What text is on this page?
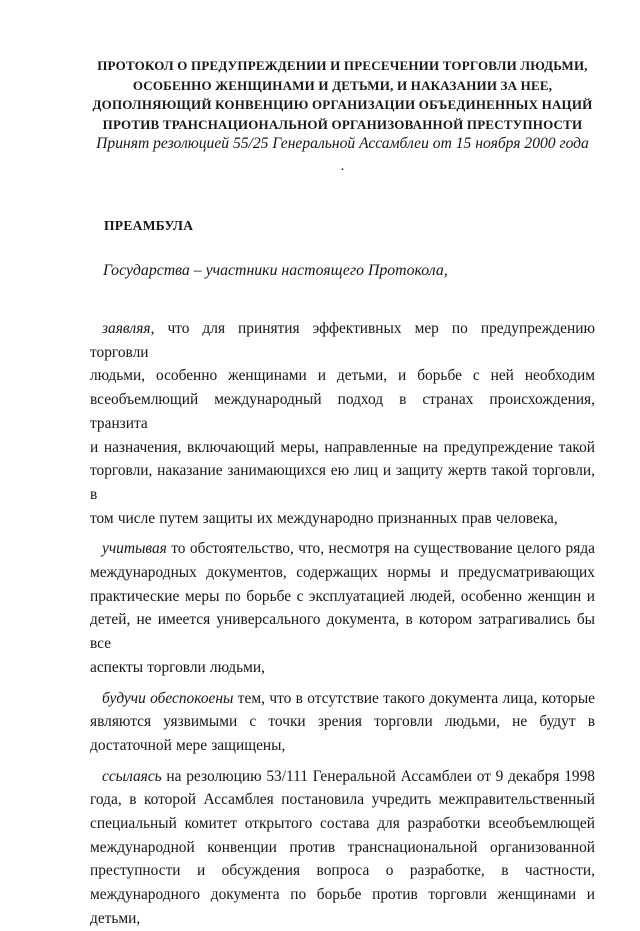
ПРОТОКОЛ О ПРЕДУПРЕЖДЕНИИ И ПРЕСЕЧЕНИИ ТОРГОВЛИ ЛЮДЬМИ,
ОСОБЕННО ЖЕНЩИНАМИ И ДЕТЬМИ, И НАКАЗАНИИ ЗА НЕЕ,
ДОПОЛНЯЮЩИЙ КОНВЕНЦИЮ ОРГАНИЗАЦИИ ОБЪЕДИНЕННЫХ НАЦИЙ
ПРОТИВ ТРАНСНАЦИОНАЛЬНОЙ ОРГАНИЗОВАННОЙ ПРЕСТУПНОСТИ
Принят резолюцией 55/25 Генеральной Ассамблеи от 15 ноября 2000 года
.
ПРЕАМБУЛА

Государства – участники настоящего Протокола,

заявляя, что для принятия эффективных мер по предупреждению торговли
людьми, особенно женщинами и детьми, и борьбе с ней необходим
всеобъемлющий международный подход в странах происхождения, транзита
и назначения, включающий меры, направленные на предупреждение такой
торговли, наказание занимающихся ею лиц и защиту жертв такой торговли, в
том числе путем защиты их международно признанных прав человека,
учитывая то обстоятельство, что, несмотря на существование целого ряда
международных документов, содержащих нормы и предусматривающих
практические меры по борьбе с эксплуатацией людей, особенно женщин и
детей, не имеется универсального документа, в котором затрагивались бы все
аспекты торговли людьми,
будучи обеспокоены тем, что в отсутствие такого документа лица, которые
являются уязвимыми с точки зрения торговли людьми, не будут в
достаточной мере защищены,
ссылаясь на резолюцию 53/111 Генеральной Ассамблеи от 9 декабря 1998
года, в которой Ассамблея постановила учредить межправительственный
специальный комитет открытого состава для разработки всеобъемлющей
международной конвенции против транснациональной организованной
преступности и обсуждения вопроса о разработке, в частности,
международного документа по борьбе против торговли женщинами и
детьми,
